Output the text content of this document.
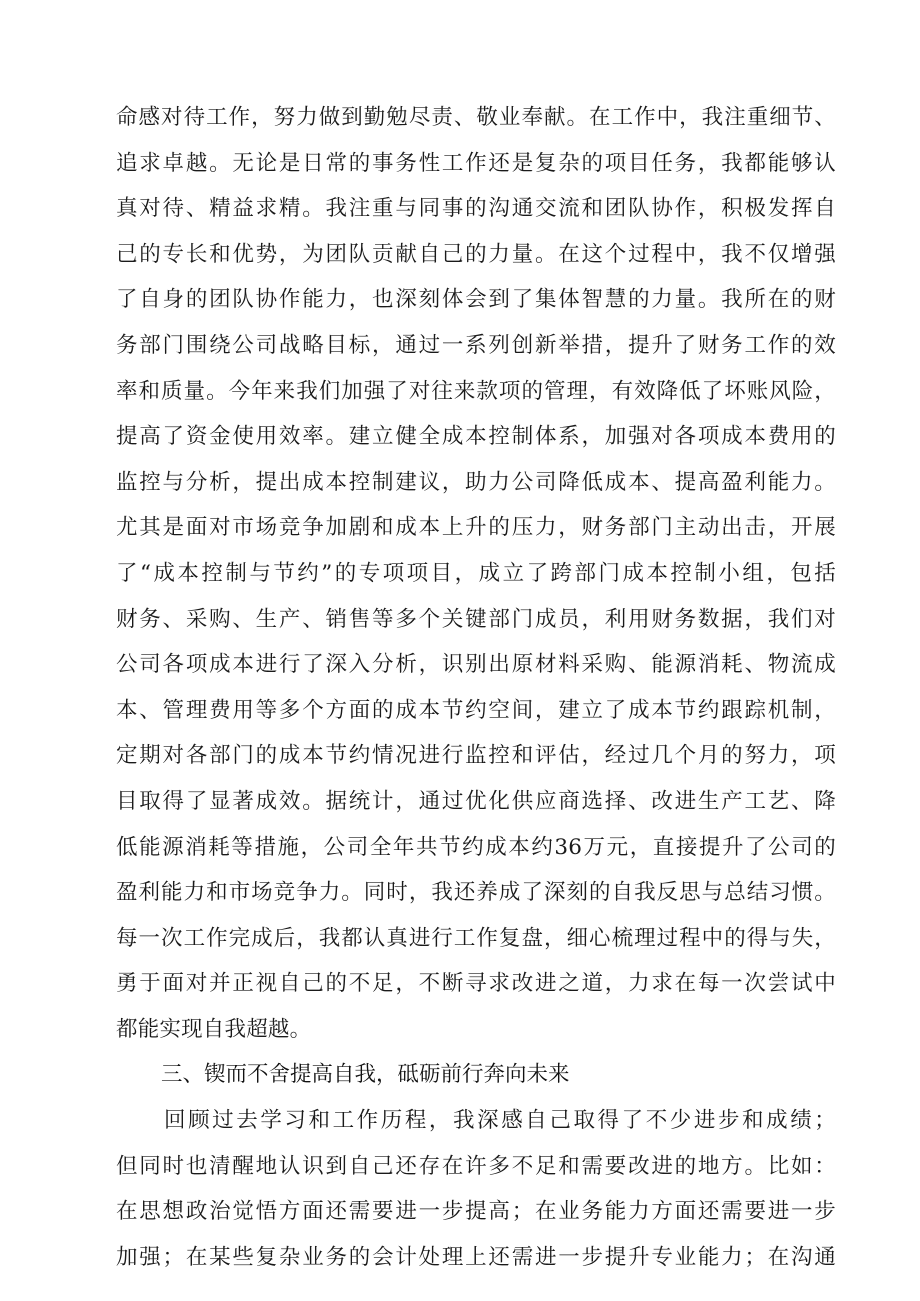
命感对待工作，努力做到勤勉尽责、敬业奉献。在工作中，我注重细节、
追求卓越。无论是日常的事务性工作还是复杂的项目任务，我都能够认
真对待、精益求精。我注重与同事的沟通交流和团队协作，积极发挥自
己的专长和优势，为团队贡献自己的力量。在这个过程中，我不仅增强
了自身的团队协作能力，也深刻体会到了集体智慧的力量。我所在的财
务部门围绕公司战略目标，通过一系列创新举措，提升了财务工作的效
率和质量。今年来我们加强了对往来款项的管理，有效降低了坏账风险，
提高了资金使用效率。建立健全成本控制体系，加强对各项成本费用的
监控与分析，提出成本控制建议，助力公司降低成本、提高盈利能力。
尤其是面对市场竞争加剧和成本上升的压力，财务部门主动出击，开展
了“成本控制与节约”的专项项目，成立了跨部门成本控制小组，包括
财务、采购、生产、销售等多个关键部门成员，利用财务数据，我们对
公司各项成本进行了深入分析，识别出原材料采购、能源消耗、物流成
本、管理费用等多个方面的成本节约空间，建立了成本节约跟踪机制，
定期对各部门的成本节约情况进行监控和评估，经过几个月的努力，项
目取得了显著成效。据统计，通过优化供应商选择、改进生产工艺、降
低能源消耗等措施，公司全年共节约成本约36万元，直接提升了公司的
盈利能力和市场竞争力。同时，我还养成了深刻的自我反思与总结习惯。
每一次工作完成后，我都认真进行工作复盘，细心梳理过程中的得与失，
勇于面对并正视自己的不足，不断寻求改进之道，力求在每一次尝试中
都能实现自我超越。
三、锲而不舍提高自我，砥砺前行奔向未来
回顾过去学习和工作历程，我深感自己取得了不少进步和成绩；
但同时也清醒地认识到自己还存在许多不足和需要改进的地方。比如：
在思想政治觉悟方面还需要进一步提高；在业务能力方面还需要进一步
加强；在某些复杂业务的会计处理上还需进一步提升专业能力；在沟通
